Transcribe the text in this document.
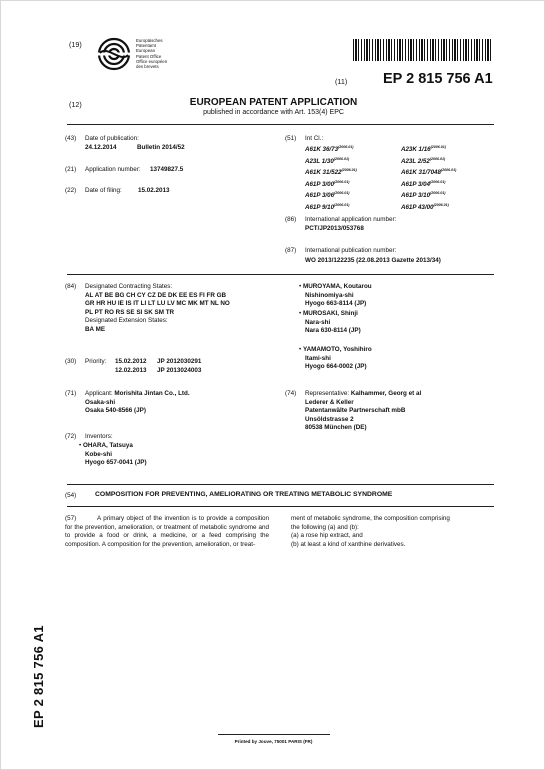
(19)	Europäisches
Patentamt
European
Patent Office
Office européen
des brevets
(11) EP 2 815 756 A1
(12)	EUROPEAN PATENT APPLICATION
published in accordance with Art. 153(4) EPC
(43) Date of publication:
24.12.2014	Bulletin 2014/52
(21) Application number: 13749827.5
(22) Date of filing:	15.02.2013
(51) Int Cl.:
A61K $36/73^{(2006.01)}$	A23K $1/16^{(2006.01)}$
A23L $1/30^{(2006.01)}$	A23L $2/52^{(2006.01)}$
A61K $31/522^{(2006.01)}$	A61K $31/7048^{(2006.01)}$
A61P $3/00^{(2006.01)}$	A61P $3/04^{(2006.01)}$
A61P $3/06^{(2006.01)}$	A61P $3/10^{(2006.01)}$
A61P $9/10^{(2006.01)}$	A61P $43/00^{(2006.01)}$
(86) International application number:
PCT/JP2013/053768
(87) International publication number:
WO 2013/122235 (22.08.2013 Gazette 2013/34)
(84) Designated Contracting States:
AL AT BE BG CH CY CZ DE DK EE ES FI FR GB
GR HR HU IE IS IT LI LT LU LV MC MK MT NL NO
PL PT RO RS SE SI SK SM TR
Designated Extension States:
BA ME
(30) Priority: 15.02.2012 JP 2012030291
12.02.2013 JP 2013024003
(71) Applicant: Morishita Jintan Co., Ltd.
Osaka-shi
Osaka 540-8566 (JP)
(72) Inventors:
• OHARA, Tatsuya
Kobe-shi
Hyogo 657-0041 (JP)
• MUROYAMA, Koutarou
Nishinomiya-shi
Hyogo 663-8114 (JP)
• MUROSAKI, Shinji
Nara-shi
Nara 630-8114 (JP)
• YAMAMOTO, Yoshihiro
Itami-shi
Hyogo 664-0002 (JP)
(74) Representative: Kalhammer, Georg et al
Lederer & Keller
Patentanwälte Partnerschaft mbB
Unsöldstrasse 2
80538 München (DE)
(54)	COMPOSITION FOR PREVENTING, AMELIORATING OR TREATING METABOLIC SYNDROME
(57)	A primary object of the invention is to provide a composition for the prevention, amelioration, or treatment of metabolic syndrome and to provide a food or drink, a medicine, or a feed comprising the composition. A composition for the prevention, amelioration, or treat-
ment of metabolic syndrome, the composition comprising
the following (a) and (b):
(a) a rose hip extract, and
(b) at least a kind of xanthine derivatives.
EP 2 815 756 A1
Printed by Jouve, 75001 PARIS (FR)
